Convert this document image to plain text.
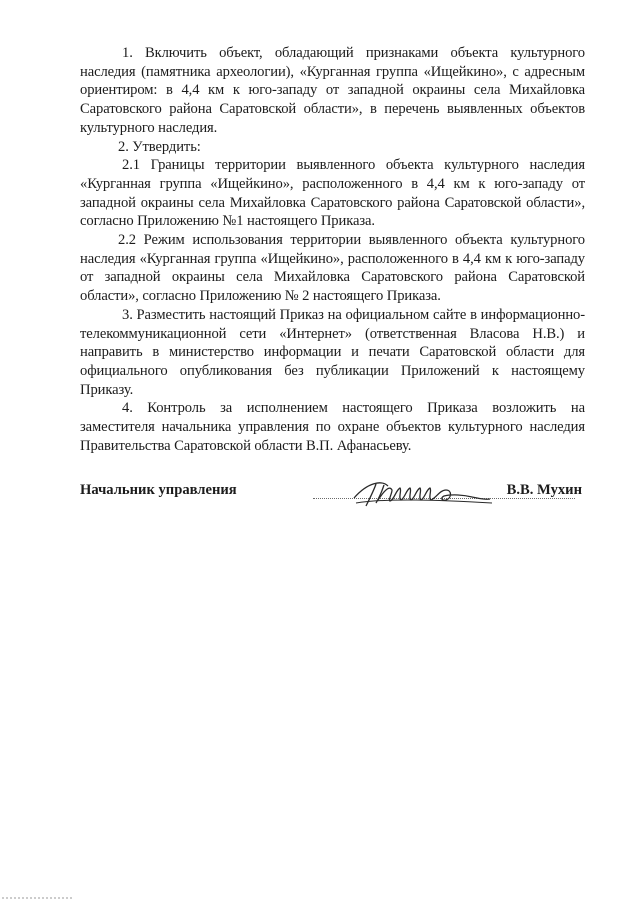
1. Включить объект, обладающий признаками объекта культурного наследия (памятника археологии), «Курганная группа «Ищейкино», с адресным ориентиром: в 4,4 км к юго-западу от западной окраины села Михайловка Саратовского района Саратовской области», в перечень выявленных объектов культурного наследия.

2. Утвердить:

2.1 Границы территории выявленного объекта культурного наследия «Курганная группа «Ищейкино», расположенного в 4,4 км к юго-западу от западной окраины села Михайловка Саратовского района Саратовской области», согласно Приложению №1 настоящего Приказа.

2.2 Режим использования территории выявленного объекта культурного наследия «Курганная группа «Ищейкино», расположенного в 4,4 км к юго-западу от западной окраины села Михайловка Саратовского района Саратовской области», согласно Приложению № 2 настоящего Приказа.

3. Разместить настоящий Приказ на официальном сайте в информационно-телекоммуникационной сети «Интернет» (ответственная Власова Н.В.) и направить в министерство информации и печати Саратовской области для официального опубликования без публикации Приложений к настоящему Приказу.

4. Контроль за исполнением настоящего Приказа возложить на заместителя начальника управления по охране объектов культурного наследия Правительства Саратовской области В.П. Афанасьеву.

Начальник управления	В.В. Мухин
